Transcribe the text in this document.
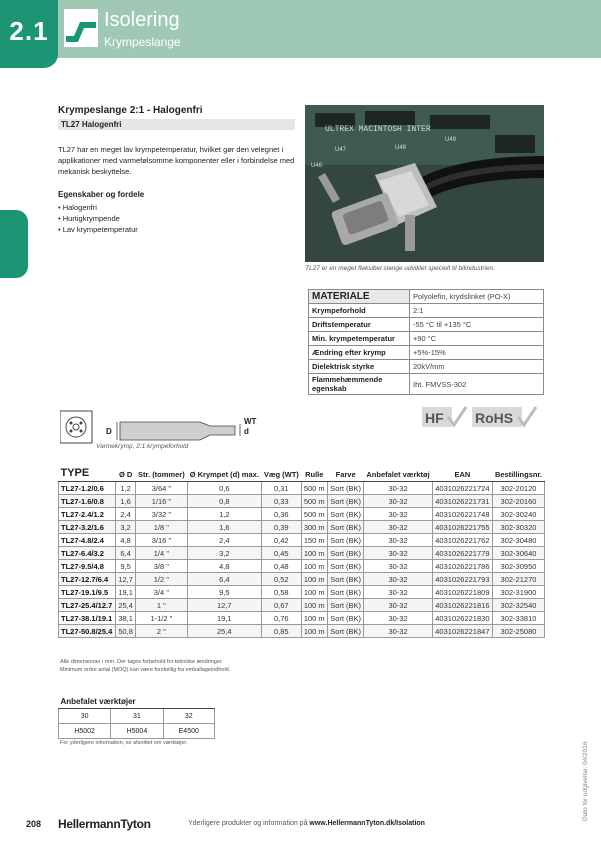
2.1	Isolering
Krympeslange
Krympeslange 2:1 - Halogenfri
TL27 Halogenfri
TL27 har en meget lav krympetemperatur, hvilket gør den velegnet i applikationer med varmefølsomme komponenter eller i forbindelse med mekanisk beskyttelse.
Egenskaber og fordele
• Halogenfri
• Hurtigkrympende
• Lav krympetemperatur
ULTREX MACINTOSH INTER
U47	U48
U46
U49
TL27 er en meget fleksibel slange udviklet specielt til bilindustrien.
MATERIALE	Polyolefin, krydslinket (PO-X)
Krympeforhold	2:1
Driftstemperatur	-55 °C til +135 °C
Min. krympetemperatur	+90 °C
Ændring efter krymp	+5%-15%
Dielektrisk styrke	20kV/mm
Flammehæmmende egenskab	Iht. FMVSS-302
D
WT
d
Varmekrymp, 2:1 krympeforhold
HF RoHS
TYPE	Ø D	Str. (tommer)	Ø Krympet (d) max.	Væg (WT)	Rulle	Farve	Anbefalet værktøj	EAN	Bestillingsnr.
TL27-1.2/0.6	1,2	3/64 "	0,6	0,31	500 m	Sort (BK)	30-32	4031026221724	302-20120
TL27-1.6/0.8	1,6	1/16 "	0,8	0,33	500 m	Sort (BK)	30-32	4031026221731	302-20160
TL27-2.4/1.2	2,4	3/32 "	1,2	0,36	500 m	Sort (BK)	30-32	4031026221748	302-30240
TL27-3.2/1.6	3,2	1/8 "	1,6	0,39	300 m	Sort (BK)	30-32	4031026221755	302-30320
TL27-4.8/2.4	4,8	3/16 "	2,4	0,42	150 m	Sort (BK)	30-32	4031026221762	302-30480
TL27-6.4/3.2	6,4	1/4 "	3,2	0,45	100 m	Sort (BK)	30-32	4031026221779	302-30640
TL27-9.5/4.8	9,5	3/8 "	4,8	0,48	100 m	Sort (BK)	30-32	4031026221786	302-30950
TL27-12.7/6.4	12,7	1/2 "	6,4	0,52	100 m	Sort (BK)	30-32	4031026221793	302-21270
TL27-19.1/9.5	19,1	3/4 "	9,5	0,58	100 m	Sort (BK)	30-32	4031026221809	302-31900
TL27-25.4/12.7	25,4	1 "	12,7	0,67	100 m	Sort (BK)	30-32	4031026221816	302-32540
TL27-38.1/19.1	38,1	1-1/2 "	19,1	0,76	100 m	Sort (BK)	30-32	4031026221830	302-33810
TL27-50.8/25.4	50,8	2 "	25,4	0,85	100 m	Sort (BK)	30-32	4031026221847	302-25080
Alle dimensioner i mm. Der tages forbehold for tekniske ændringer.
Minimum ordre antal (MOQ) kan være forskellig fra emballageindhold.
Anbefalet værktøjer		
30	31	32
H5002	H5004	E4500
For yderligere information, se afsnittet om værktøjer.	Dato for udgivelse: 04/2016
208 HellermannTyton	Yderligere produkter og information på www.HellermannTyton.dk/Isolation
